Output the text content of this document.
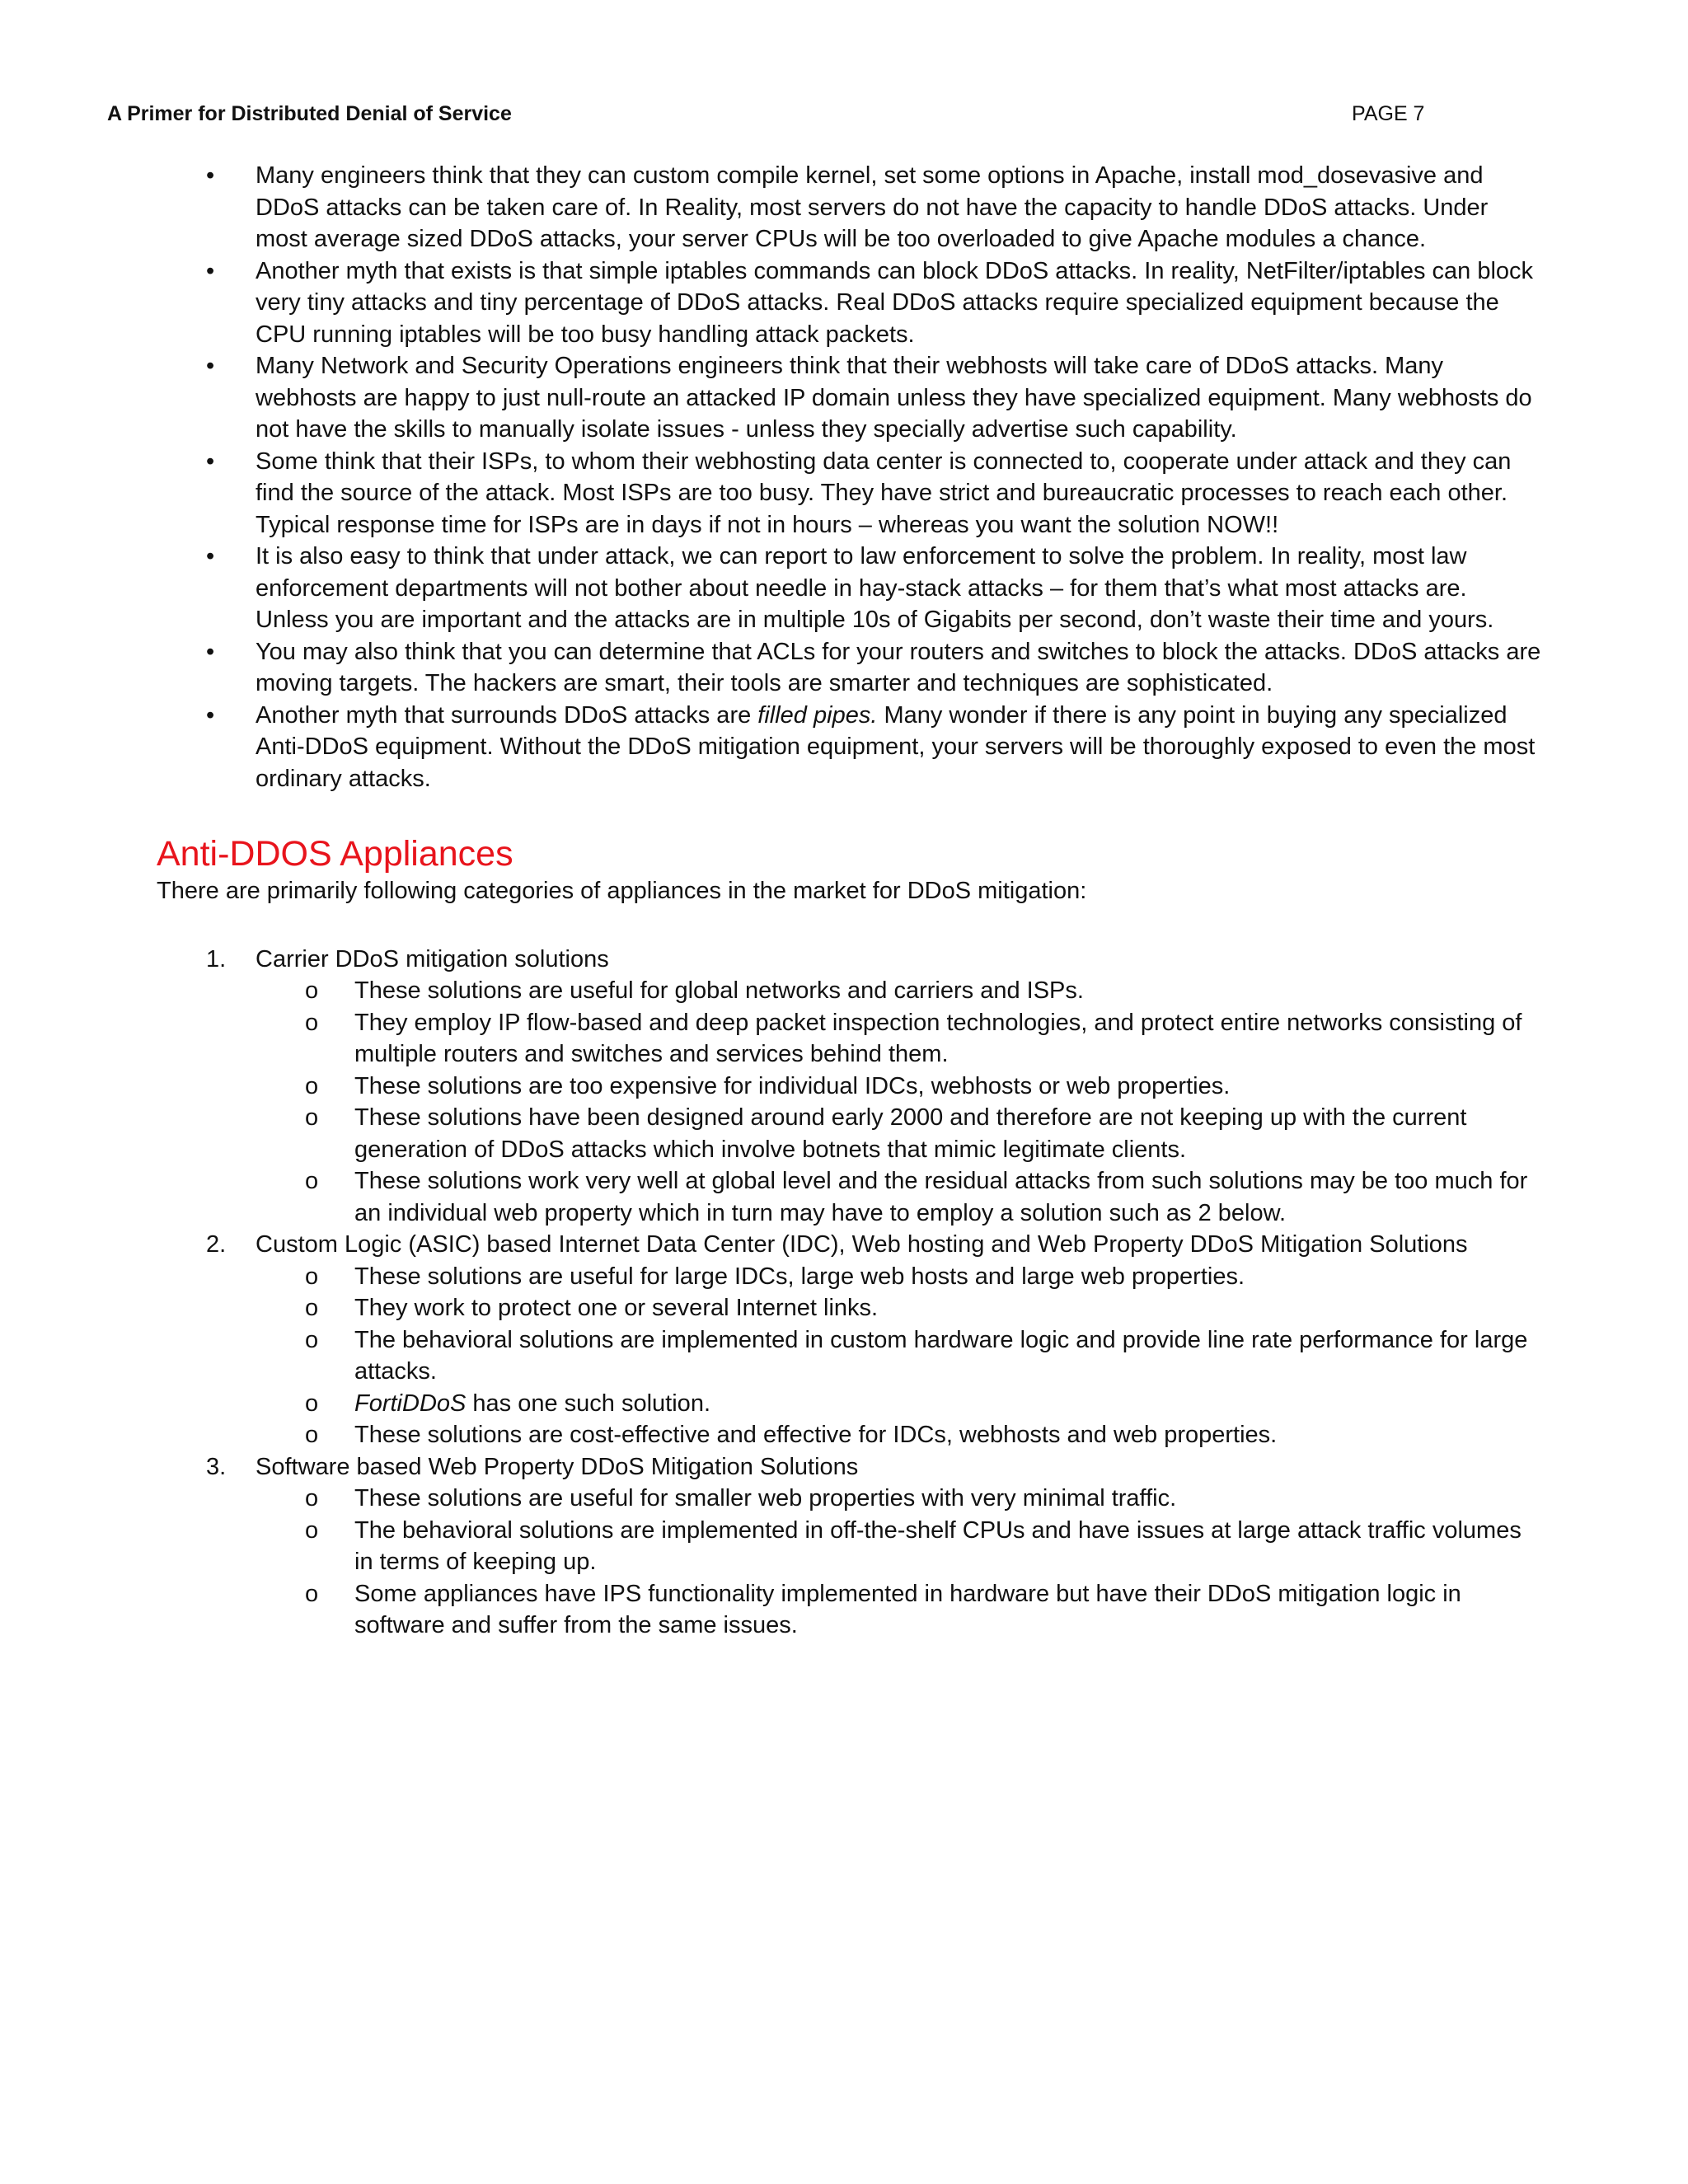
A Primer for Distributed Denial of Service	PAGE 7
• Many engineers think that they can custom compile kernel, set some options in Apache, install mod_dosevasive and DDoS attacks can be taken care of. In Reality, most servers do not have the capacity to handle DDoS attacks. Under most average sized DDoS attacks, your server CPUs will be too overloaded to give Apache modules a chance.
• Another myth that exists is that simple iptables commands can block DDoS attacks. In reality, NetFilter/iptables can block very tiny attacks and tiny percentage of DDoS attacks. Real DDoS attacks require specialized equipment because the CPU running iptables will be too busy handling attack packets.
• Many Network and Security Operations engineers think that their webhosts will take care of DDoS attacks. Many webhosts are happy to just null-route an attacked IP domain unless they have specialized equipment. Many webhosts do not have the skills to manually isolate issues - unless they specially advertise such capability.
• Some think that their ISPs, to whom their webhosting data center is connected to, cooperate under attack and they can find the source of the attack. Most ISPs are too busy. They have strict and bureaucratic processes to reach each other. Typical response time for ISPs are in days if not in hours – whereas you want the solution NOW!!
• It is also easy to think that under attack, we can report to law enforcement to solve the problem. In reality, most law enforcement departments will not bother about needle in hay-stack attacks – for them that’s what most attacks are. Unless you are important and the attacks are in multiple 10s of Gigabits per second, don’t waste their time and yours.
• You may also think that you can determine that ACLs for your routers and switches to block the attacks. DDoS attacks are moving targets. The hackers are smart, their tools are smarter and techniques are sophisticated.
• Another myth that surrounds DDoS attacks are filled pipes. Many wonder if there is any point in buying any specialized Anti-DDoS equipment. Without the DDoS mitigation equipment, your servers will be thoroughly exposed to even the most ordinary attacks.
Anti-DDOS Appliances

There are primarily following categories of appliances in the market for DDoS mitigation:

1. Carrier DDoS mitigation solutions
o These solutions are useful for global networks and carriers and ISPs.
o They employ IP flow-based and deep packet inspection technologies, and protect entire networks consisting of multiple routers and switches and services behind them.
o These solutions are too expensive for individual IDCs, webhosts or web properties.
o These solutions have been designed around early 2000 and therefore are not keeping up with the current generation of DDoS attacks which involve botnets that mimic legitimate clients.
o These solutions work very well at global level and the residual attacks from such solutions may be too much for an individual web property which in turn may have to employ a solution such as 2 below.
2. Custom Logic (ASIC) based Internet Data Center (IDC), Web hosting and Web Property DDoS Mitigation Solutions
o These solutions are useful for large IDCs, large web hosts and large web properties.
o They work to protect one or several Internet links.
o The behavioral solutions are implemented in custom hardware logic and provide line rate performance for large attacks.
o FortiDDoS has one such solution.
o These solutions are cost-effective and effective for IDCs, webhosts and web properties.
3. Software based Web Property DDoS Mitigation Solutions
o These solutions are useful for smaller web properties with very minimal traffic.
o The behavioral solutions are implemented in off-the-shelf CPUs and have issues at large attack traffic volumes in terms of keeping up.
o Some appliances have IPS functionality implemented in hardware but have their DDoS mitigation logic in software and suffer from the same issues.
